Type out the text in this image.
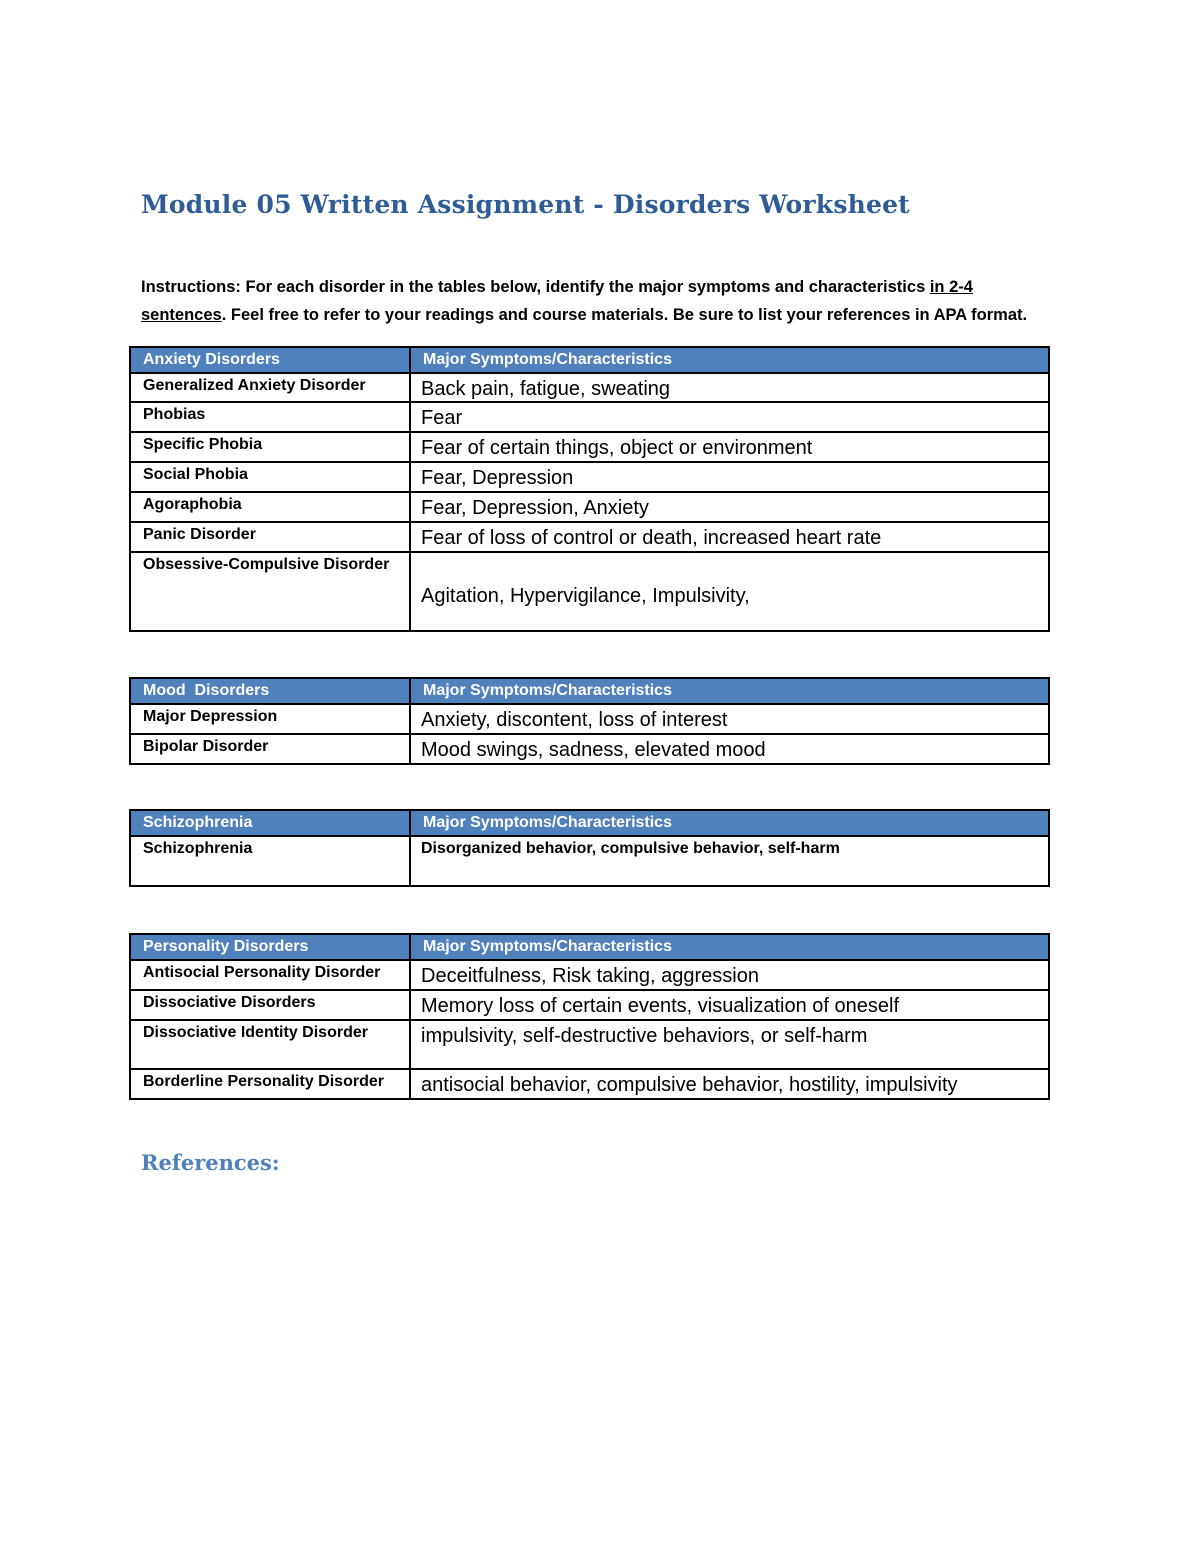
Module 05 Written Assignment - Disorders Worksheet
Instructions: For each disorder in the tables below, identify the major symptoms and characteristics in 2-4 sentences. Feel free to refer to your readings and course materials. Be sure to list your references in APA format.
Anxiety Disorders	Major Symptoms/Characteristics
Generalized Anxiety Disorder	Back pain, fatigue, sweating
Phobias	Fear
Specific Phobia	Fear of certain things, object or environment
Social Phobia	Fear, Depression
Agoraphobia	Fear, Depression, Anxiety
Panic Disorder	Fear of loss of control or death, increased heart rate
Obsessive-Compulsive Disorder	Agitation, Hypervigilance, Impulsivity,
Mood  Disorders	Major Symptoms/Characteristics
Major Depression	Anxiety, discontent, loss of interest
Bipolar Disorder	Mood swings, sadness, elevated mood
Schizophrenia	Major Symptoms/Characteristics
Schizophrenia	Disorganized behavior, compulsive behavior, self-harm
Personality Disorders	Major Symptoms/Characteristics
Antisocial Personality Disorder	Deceitfulness, Risk taking, aggression
Dissociative Disorders	Memory loss of certain events, visualization of oneself
Dissociative Identity Disorder	impulsivity, self-destructive behaviors, or self-harm
Borderline Personality Disorder	antisocial behavior, compulsive behavior, hostility, impulsivity
References:
